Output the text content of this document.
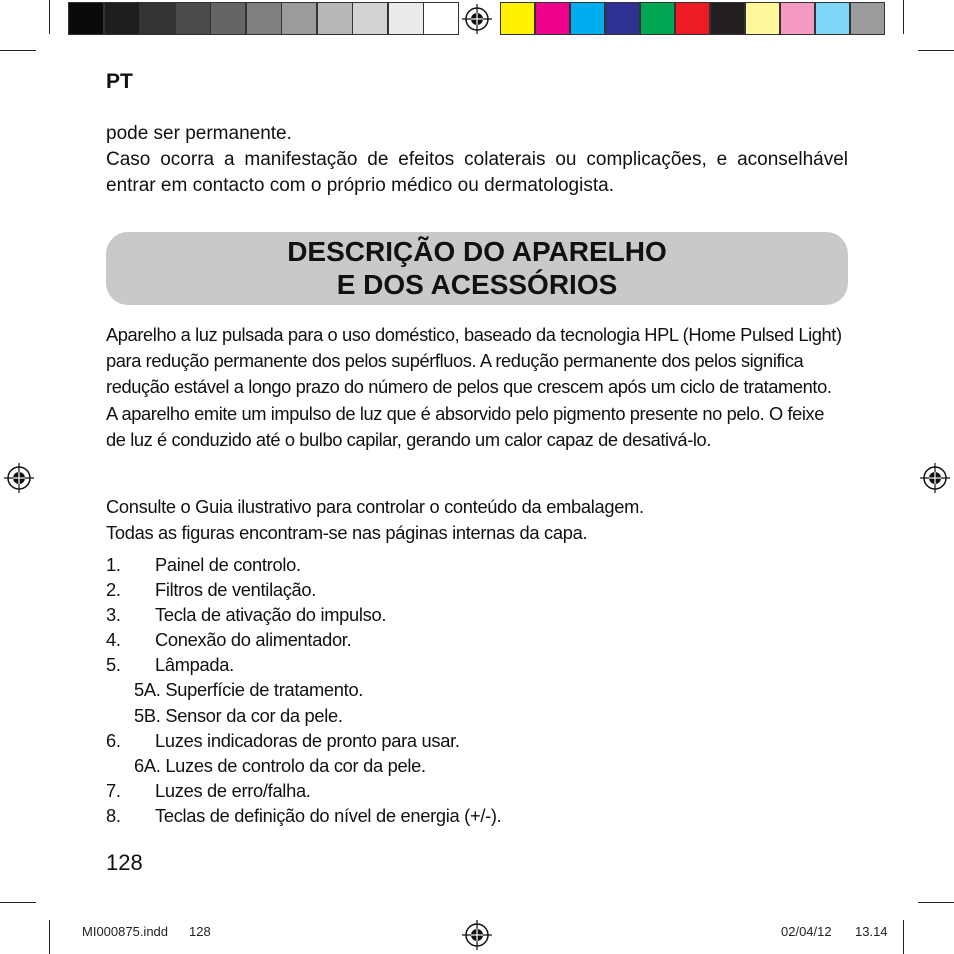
PT

pode ser permanente.

Caso ocorra a manifestação de efeitos colaterais ou complicações, e aconselhável entrar em contacto com o próprio médico ou dermatologista.

DESCRIÇÃO DO APARELHO
E DOS ACESSÓRIOS

Aparelho a luz pulsada para o uso doméstico, baseado da tecnologia HPL (Home Pulsed Light) para redução permanente dos pelos supérfluos. A redução permanente dos pelos significa redução estável a longo prazo do número de pelos que crescem após um ciclo de tratamento.

A aparelho emite um impulso de luz que é absorvido pelo pigmento presente no pelo. O feixe de luz é conduzido até o bulbo capilar, gerando um calor capaz de desativá-lo.

Consulte o Guia ilustrativo para controlar o conteúdo da embalagem.

Todas as figuras encontram-se nas páginas internas da capa.

1. Painel de controlo.
2. Filtros de ventilação.
3. Tecla de ativação do impulso.
4. Conexão do alimentador.
5. Lâmpada.
5A. Superfície de tratamento.
5B. Sensor da cor da pele.
6. Luzes indicadoras de pronto para usar.
6A. Luzes de controlo da cor da pele.
7. Luzes de erro/falha.
8. Teclas de definição do nível de energia (+/-).
128
MI000875.indd 128	02/04/12 13.14
